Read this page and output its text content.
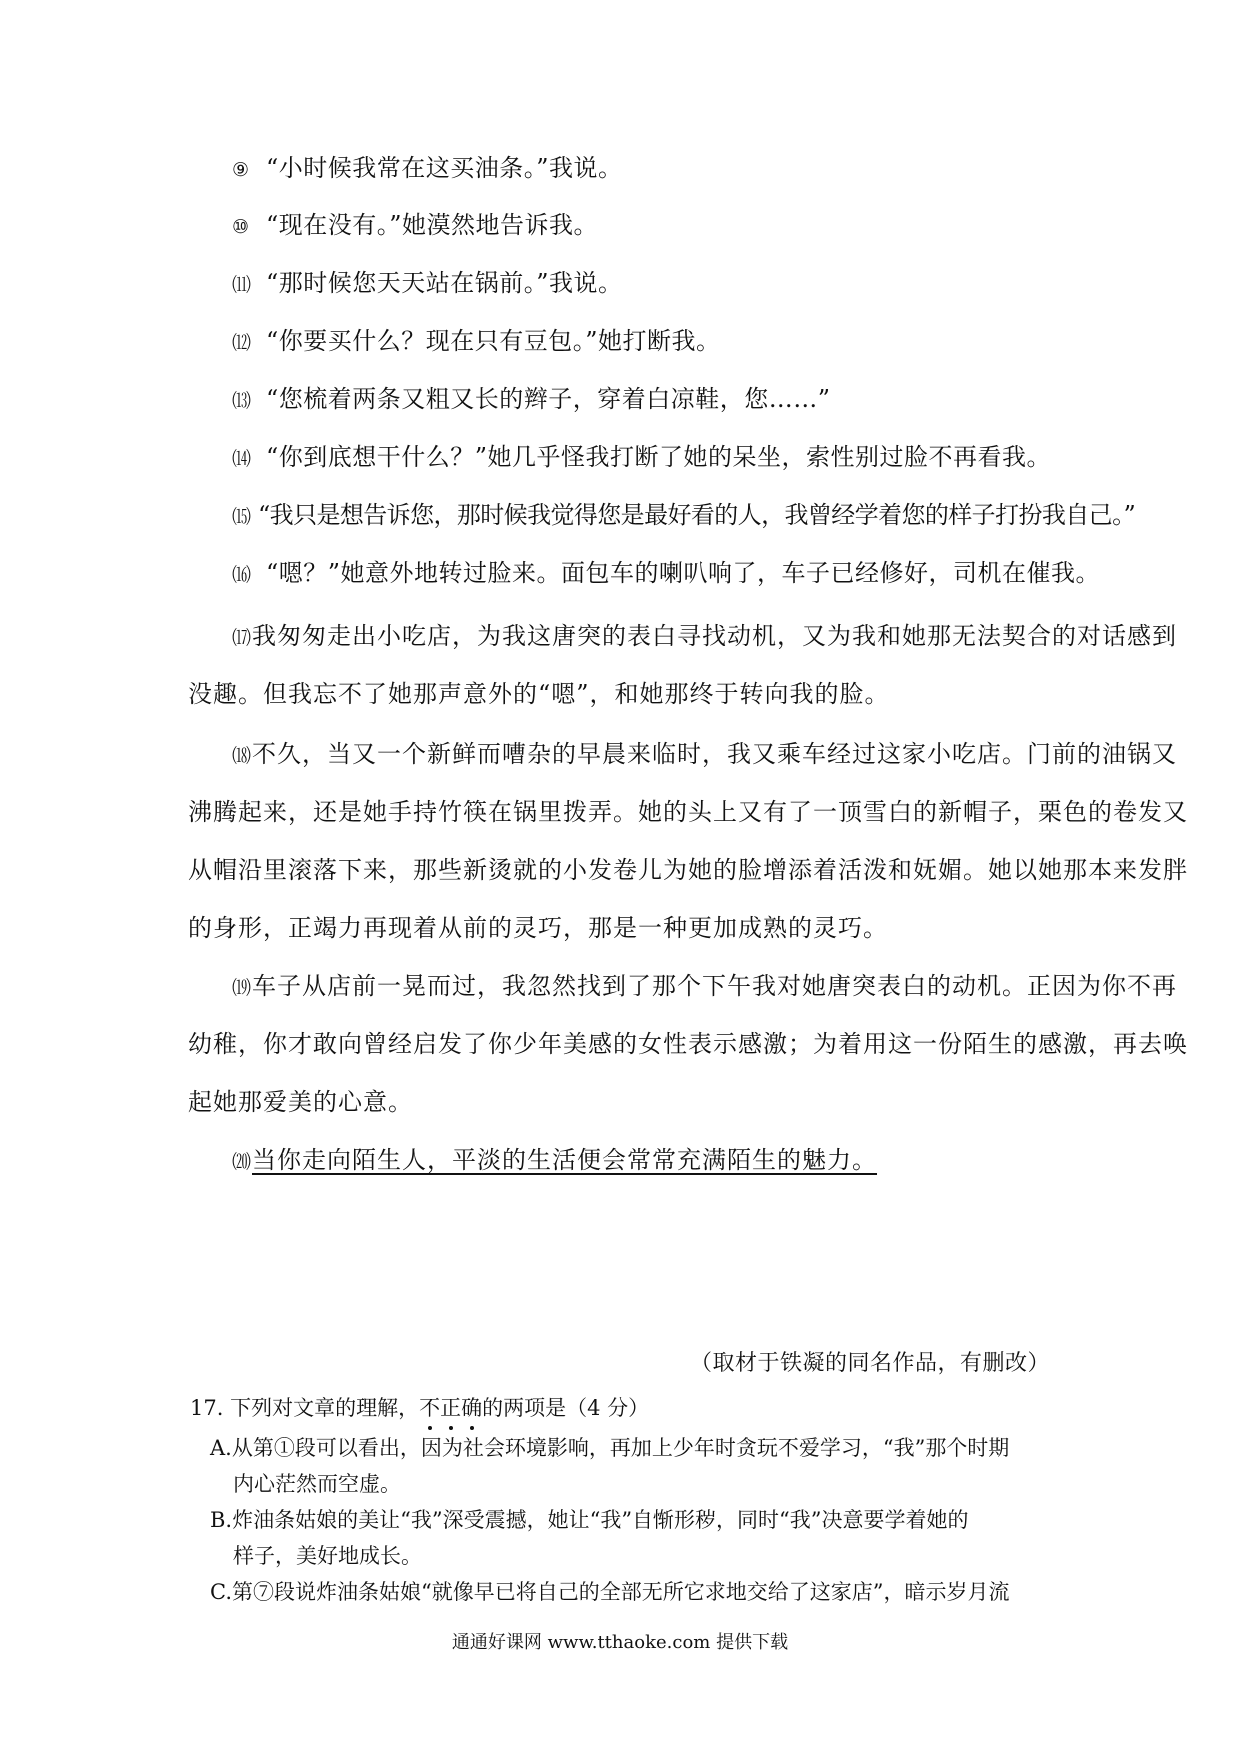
⑨ “小时候我常在这买油条。”我说。
⑩ “现在没有。”她漠然地告诉我。
⑾ “那时候您天天站在锅前。”我说。
⑿ “你要买什么？现在只有豆包。”她打断我。
⒀ “您梳着两条又粗又长的辫子，穿着白凉鞋，您……”
⒁ “你到底想干什么？”她几乎怪我打断了她的呆坐，索性别过脸不再看我。
⒂ “我只是想告诉您，那时候我觉得您是最好看的人，我曾经学着您的样子打扮我自己。”
⒃ “嗯？”她意外地转过脸来。面包车的喇叭响了，车子已经修好，司机在催我。
⒄我匆匆走出小吃店，为我这唐突的表白寻找动机，又为我和她那无法契合的对话感到
没趣。但我忘不了她那声意外的“嗯”，和她那终于转向我的脸。
⒅不久，当又一个新鲜而嘈杂的早晨来临时，我又乘车经过这家小吃店。门前的油锅又
沸腾起来，还是她手持竹筷在锅里拨弄。她的头上又有了一顶雪白的新帽子，栗色的卷发又
从帽沿里滚落下来，那些新烫就的小发卷儿为她的脸增添着活泼和妩媚。她以她那本来发胖
的身形，正竭力再现着从前的灵巧，那是一种更加成熟的灵巧。
⒆车子从店前一晃而过，我忽然找到了那个下午我对她唐突表白的动机。正因为你不再
幼稚，你才敢向曾经启发了你少年美感的女性表示感激；为着用这一份陌生的感激，再去唤
起她那爱美的心意。
⒇当你走向陌生人，平淡的生活便会常常充满陌生的魅力。
（取材于铁凝的同名作品，有删改）
17. 下列对文章的理解，不正确的两项是（4 分）
A.从第①段可以看出，因为社会环境影响，再加上少年时贪玩不爱学习，“我”那个时期
内心茫然而空虚。
B.炸油条姑娘的美让“我”深受震撼，她让“我”自惭形秽，同时“我”决意要学着她的
样子，美好地成长。
C.第⑦段说炸油条姑娘“就像早已将自己的全部无所它求地交给了这家店”，暗示岁月流
通通好课网 www.tthaoke.com 提供下载
